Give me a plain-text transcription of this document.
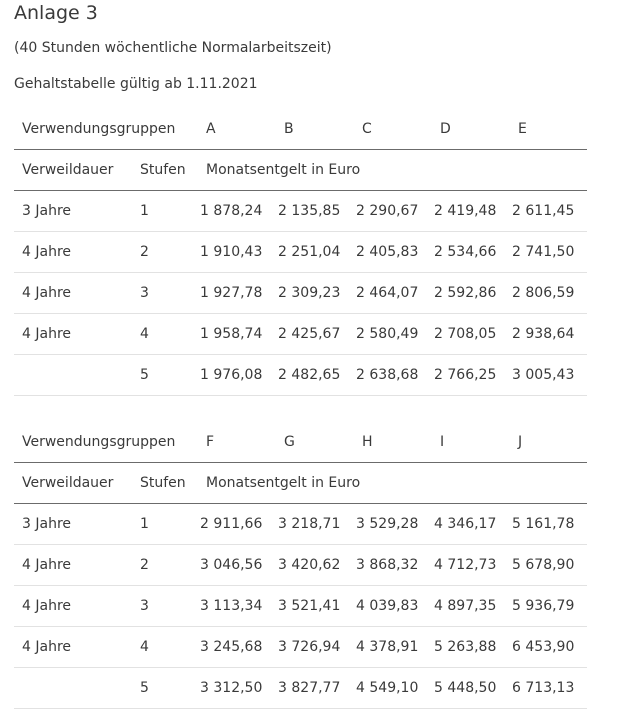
Anlage 3
(40 Stunden wöchentliche Normalarbeitszeit)
Gehaltstabelle gültig ab 1.11.2021
Verwendungsgruppen		A	B	C	D	E
Verweildauer	Stufen	Monatsentgelt in Euro				
3 Jahre	1	1 878,24	2 135,85	2 290,67	2 419,48	2 611,45
4 Jahre	2	1 910,43	2 251,04	2 405,83	2 534,66	2 741,50
4 Jahre	3	1 927,78	2 309,23	2 464,07	2 592,86	2 806,59
4 Jahre	4	1 958,74	2 425,67	2 580,49	2 708,05	2 938,64
	5	1 976,08	2 482,65	2 638,68	2 766,25	3 005,43
Verwendungsgruppen		F	G	H	I	J
Verweildauer	Stufen	Monatsentgelt in Euro				
3 Jahre	1	2 911,66	3 218,71	3 529,28	4 346,17	5 161,78
4 Jahre	2	3 046,56	3 420,62	3 868,32	4 712,73	5 678,90
4 Jahre	3	3 113,34	3 521,41	4 039,83	4 897,35	5 936,79
4 Jahre	4	3 245,68	3 726,94	4 378,91	5 263,88	6 453,90
	5	3 312,50	3 827,77	4 549,10	5 448,50	6 713,13
